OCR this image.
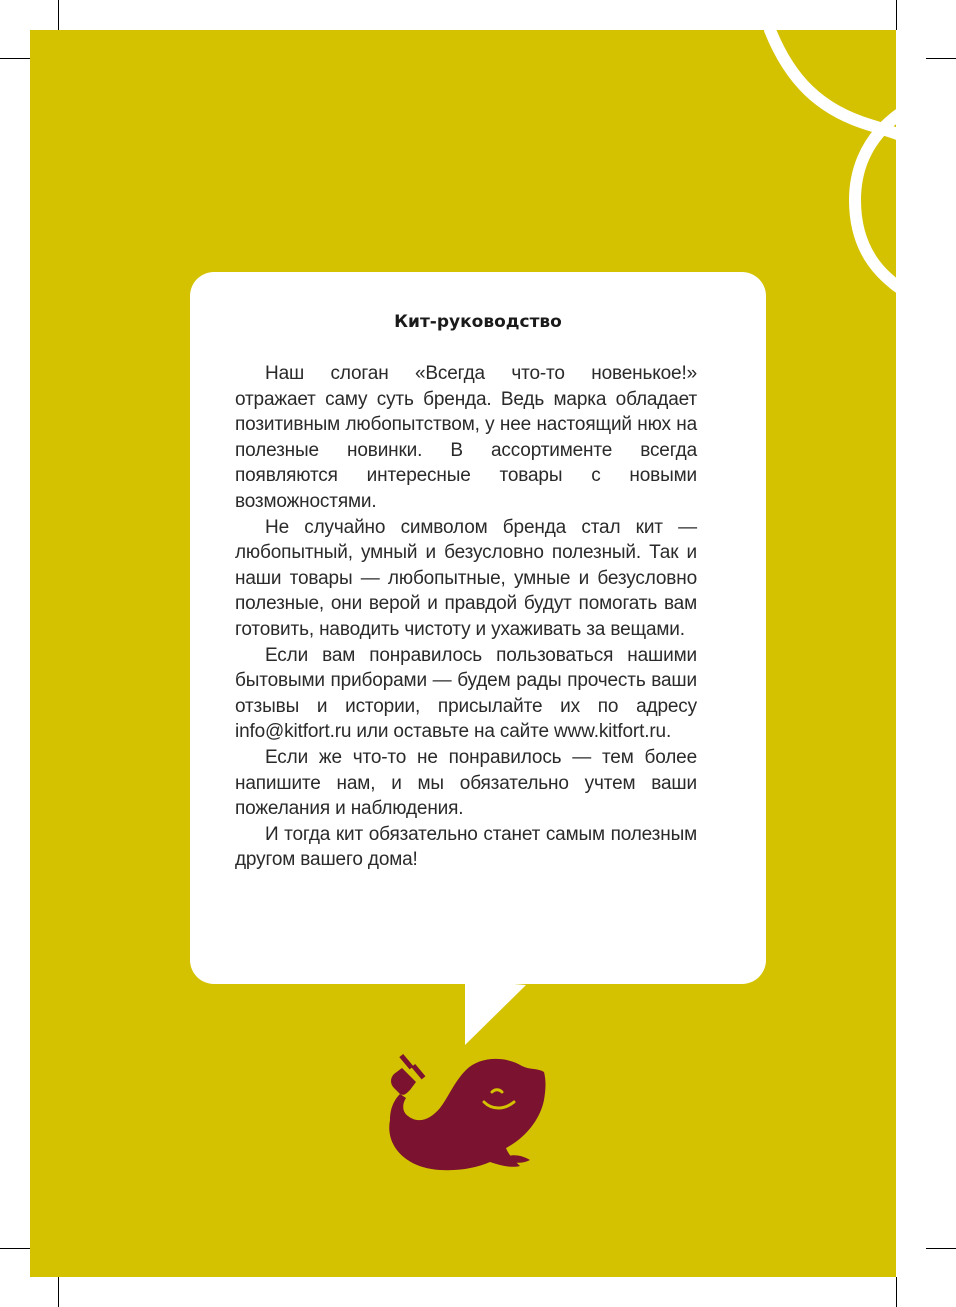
Кит-руководство

Наш слоган «Всегда что-то новенькое!» отражает саму суть бренда. Ведь марка обладает позитивным любопытством, у нее настоящий нюх на полезные новинки. В ассортименте всегда появляются интересные товары с новыми возможностями.

Не случайно символом бренда стал кит — любопытный, умный и безусловно полезный. Так и наши товары — любопытные, умные и безусловно полезные, они верой и правдой будут помогать вам готовить, наводить чистоту и ухаживать за вещами.

Если вам понравилось пользоваться нашими бытовыми приборами — будем рады прочесть ваши отзывы и истории, присылайте их по адресу info@kitfort.ru или оставьте на сайте www.kitfort.ru.

Если же что-то не понравилось — тем более напишите нам, и мы обязательно учтем ваши пожелания и наблюдения.

И тогда кит обязательно станет самым полезным другом вашего дома!
